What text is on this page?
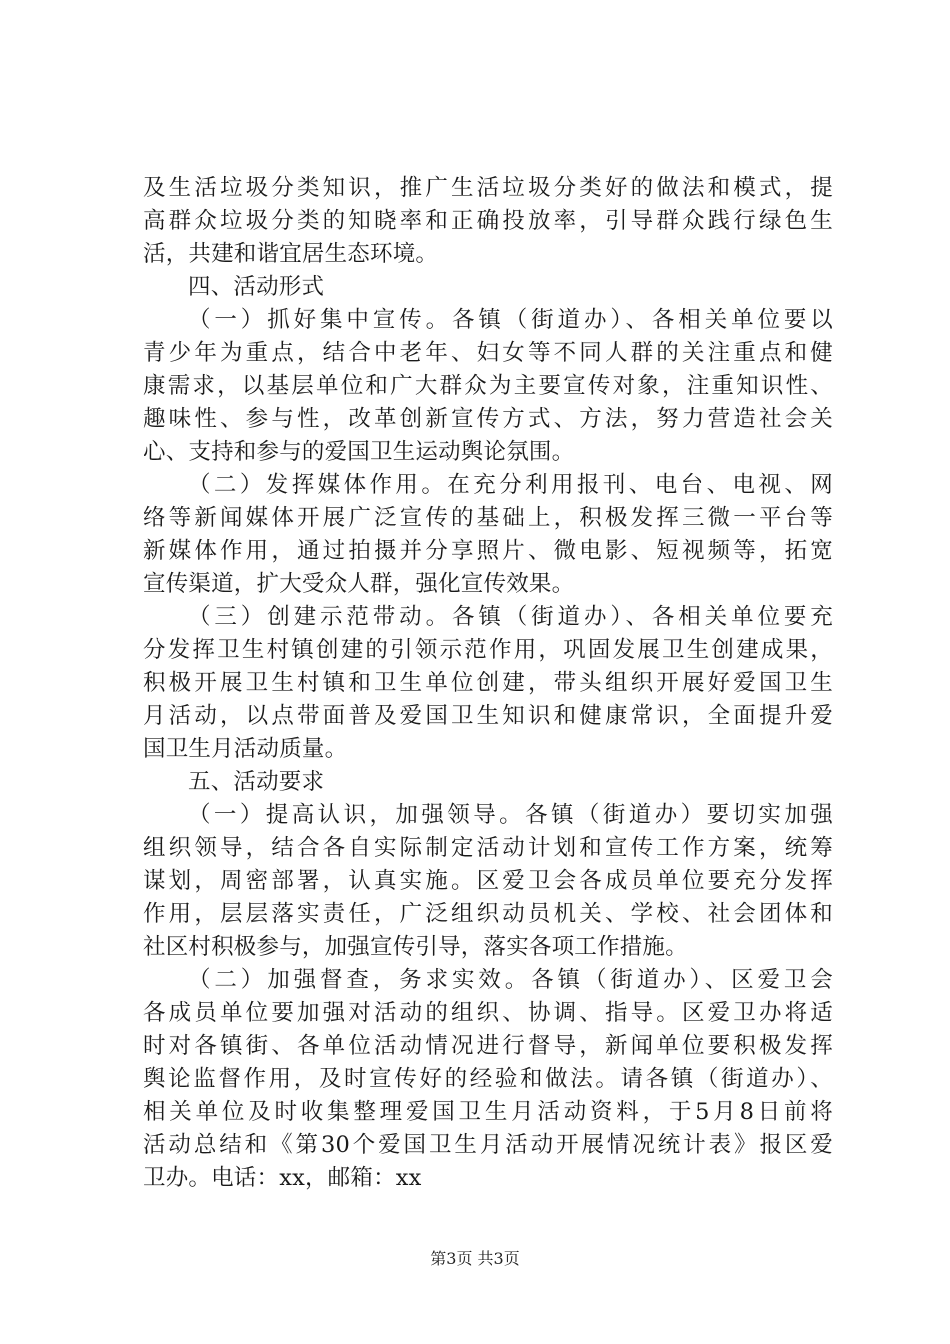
及生活垃圾分类知识，推广生活垃圾分类好的做法和模式，提
高群众垃圾分类的知晓率和正确投放率，引导群众践行绿色生
活，共建和谐宜居生态环境。
四、活动形式
（一）抓好集中宣传。各镇（街道办）、各相关单位要以
青少年为重点，结合中老年、妇女等不同人群的关注重点和健
康需求，以基层单位和广大群众为主要宣传对象，注重知识性、
趣味性、参与性，改革创新宣传方式、方法，努力营造社会关
心、支持和参与的爱国卫生运动舆论氛围。
（二）发挥媒体作用。在充分利用报刊、电台、电视、网
络等新闻媒体开展广泛宣传的基础上，积极发挥三微一平台等
新媒体作用，通过拍摄并分享照片、微电影、短视频等，拓宽
宣传渠道，扩大受众人群，强化宣传效果。
（三）创建示范带动。各镇（街道办）、各相关单位要充
分发挥卫生村镇创建的引领示范作用，巩固发展卫生创建成果，
积极开展卫生村镇和卫生单位创建，带头组织开展好爱国卫生
月活动，以点带面普及爱国卫生知识和健康常识，全面提升爱
国卫生月活动质量。
五、活动要求
（一）提高认识，加强领导。各镇（街道办）要切实加强
组织领导，结合各自实际制定活动计划和宣传工作方案，统筹
谋划，周密部署，认真实施。区爱卫会各成员单位要充分发挥
作用，层层落实责任，广泛组织动员机关、学校、社会团体和
社区村积极参与，加强宣传引导，落实各项工作措施。
（二）加强督查，务求实效。各镇（街道办）、区爱卫会
各成员单位要加强对活动的组织、协调、指导。区爱卫办将适
时对各镇街、各单位活动情况进行督导，新闻单位要积极发挥
舆论监督作用，及时宣传好的经验和做法。请各镇（街道办）、
相关单位及时收集整理爱国卫生月活动资料，于5月8日前将
活动总结和《第30个爱国卫生月活动开展情况统计表》报区爱
卫办。电话：xx，邮箱：xx
第3页 共3页
